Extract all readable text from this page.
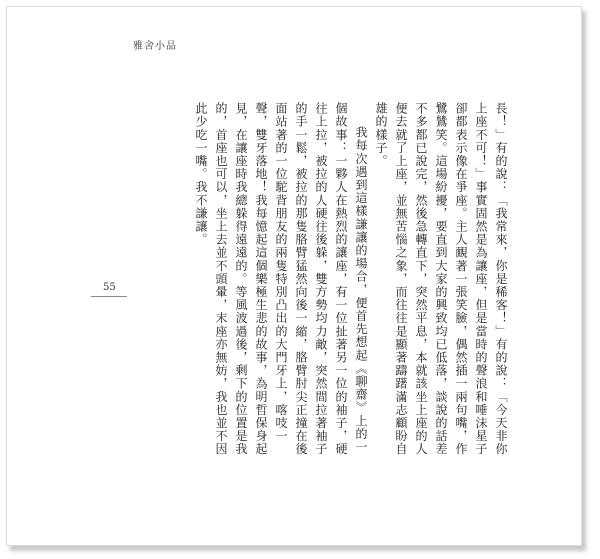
雅舍小品
55	長！」有的說：「我常來，你是稀客！」有的說：「今天非你上座不可！」事實固然是為讓座，但是當時的聲浪和唾沫星子卻都表示像在爭座。主人靦著一張笑臉，偶然插一兩句嘴，作鷺鷥笑。這場紛擾，要直到大家的興致均已低落，談說的話差不多都已說完，然後急轉直下，突然平息，本就該坐上座的人便去就了上座，並無苦惱之象，而往往是顯著躊躇滿志顧盼自雄的樣子。

我每次遇到這樣謙讓的場合，便首先想起《聊齋》上的一個故事：一夥人在熱烈的讓座，有一位扯著另一位的袖子，硬往上拉，被拉的人硬往後躲，雙方勢均力敵，突然間拉著袖子的手一鬆，被拉的那隻胳臂猛然向後一縮，胳臂肘尖正撞在後面站著的一位駝背朋友的兩隻特別凸出的大門牙上，喀吱一聲，雙牙落地！我每憶起這個樂極生悲的故事，為明哲保身起見，在讓座時我總躲得遠遠的。等風波過後，剩下的位置是我的，首座也可以，坐上去並不頭暈，末座亦無妨，我也並不因此少吃一嘴。我不謙讓。
